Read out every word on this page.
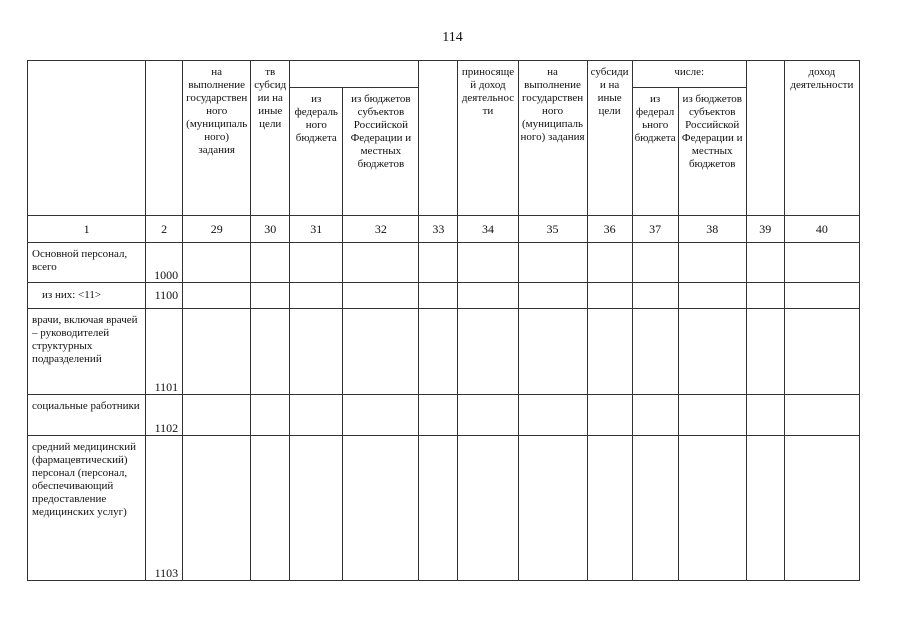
114
		на выполнение государственного (муниципального) задания	тв субсидии на иные цели				приносящей доход деятельности	на выполнение государственного (муниципального) задания	субсидии на иные цели	числе:			доход деятельности
				из федерального бюджета	из бюджетов субъектов Российской Федерации и местных бюджетов					из федерального бюджета	из бюджетов субъектов Российской Федерации и местных бюджетов		
1	2	29	30	31	32	33	34	35	36	37	38	39	40
Основной персонал, всего	1000												
из них: <11>	1100												
врачи, включая врачей – руководителей структурных подразделений	1101												
социальные работники	1102												
средний медицинский (фармацевтический) персонал (персонал, обеспечивающий предоставление медицинских услуг)	1103												
